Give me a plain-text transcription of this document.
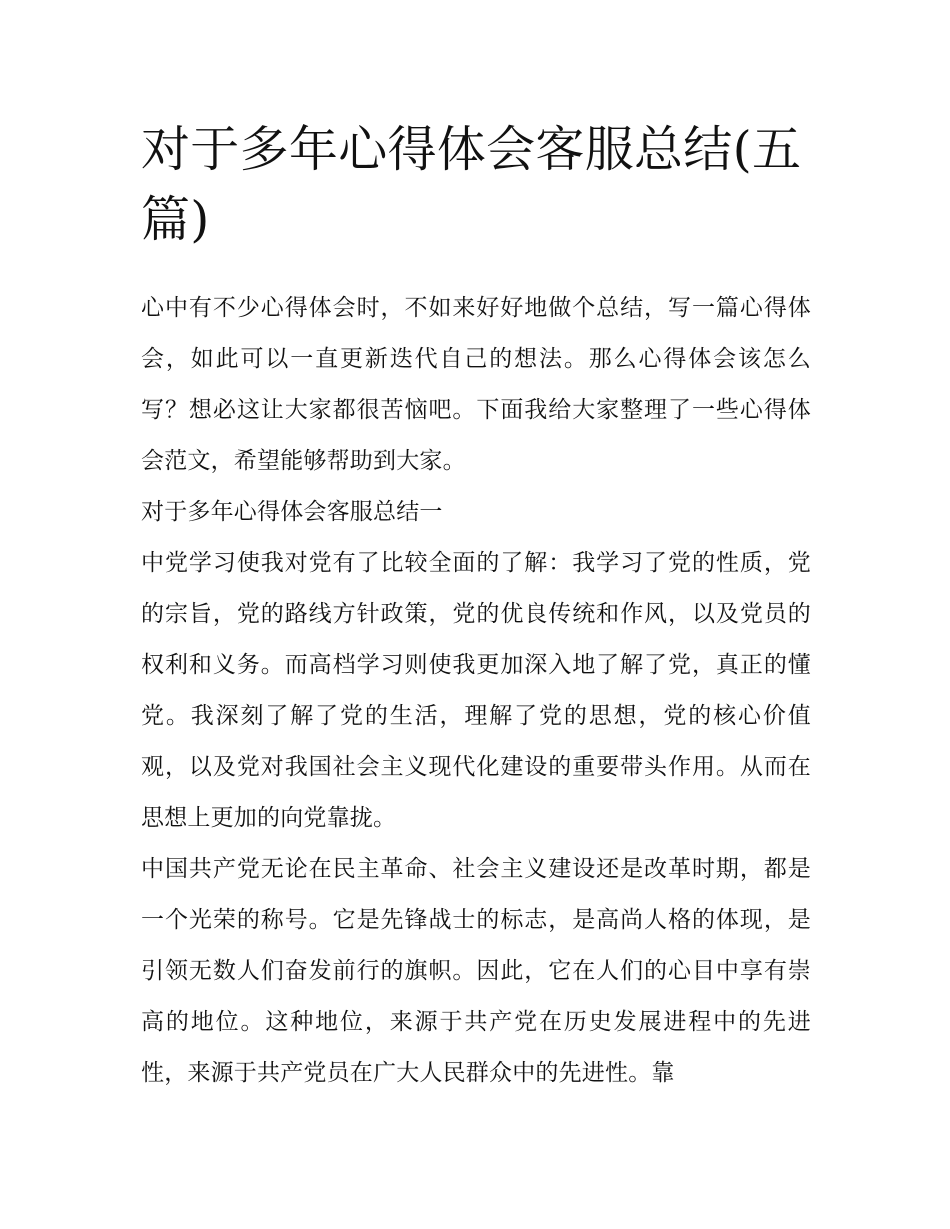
对于多年心得体会客服总结(五篇)

心中有不少心得体会时，不如来好好地做个总结，写一篇心得体会，如此可以一直更新迭代自己的想法。那么心得体会该怎么写？想必这让大家都很苦恼吧。下面我给大家整理了一些心得体会范文，希望能够帮助到大家。

对于多年心得体会客服总结一

中党学习使我对党有了比较全面的了解：我学习了党的性质，党的宗旨，党的路线方针政策，党的优良传统和作风，以及党员的权利和义务。而高档学习则使我更加深入地了解了党，真正的懂党。我深刻了解了党的生活，理解了党的思想，党的核心价值观，以及党对我国社会主义现代化建设的重要带头作用。从而在思想上更加的向党靠拢。

中国共产党无论在民主革命、社会主义建设还是改革时期，都是一个光荣的称号。它是先锋战士的标志，是高尚人格的体现，是引领无数人们奋发前行的旗帜。因此，它在人们的心目中享有崇高的地位。这种地位，来源于共产党在历史发展进程中的先进性，来源于共产党员在广大人民群众中的先进性。靠
